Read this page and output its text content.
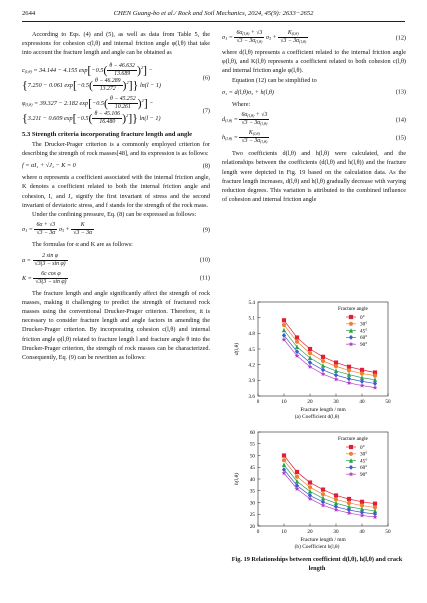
2644	CHEN Guang-bo et al./ Rock and Soil Mechanics, 2024, 45(9): 2633−2652

According to Eqs. (4) and (5), as well as data from Table 5, the expressions for cohesion c(l,θ) and internal friction angle φ(l,θ) that take into account the fracture length and angle can be obtained as

$c_{(l,\theta)} = 34.144 - 4.155$ $\exp[-0.5( \frac{\theta - 46.632}{13.689} )^2]$ −
{7.250 − 0.061 $\exp[-0.5( \frac{\theta - 46.289}{13.272} )^2]$} ln(l − 1)
(6)
$\varphi_{(l,\theta)} = 39.327 - 2.182$ $\exp[-0.5( \frac{\theta - 45.252}{10.261} )^2]$ −
{3.211 − 0.609 $\exp[-0.5( \frac{\theta - 45.106}{16.480} )^2]$} ln(l − 1)
(7)
5.3 Strength criteria incorporating fracture length and angle

The Drucker-Prager criterion is a commonly employed criterion for describing the strength of rock masses[48], and its expression is as follows:

f = αI₁ + √J₂ − K = 0	(8)

where α represents a coefficient associated with the internal friction angle, K denotes a coefficient related to both the internal friction angle and cohesion, I₁ and J₂ signify the first invariant of stress and the second invariant of deviatoric stress, and f stands for the strength of the rock mass.

Under the confining pressure, Eq. (8) can be expressed as follows:

$\sigma_1 = \frac{6\alpha + √3}{√3 - 3\alpha} \sigma_3 + \frac{K}{√3 - 3\alpha}$	(9)

The formulas for α and K are as follows:

$\alpha = \frac{\text{2 sin φ}}{\text{√3(3 − sin φ)}}$	(10)
$K = \frac{\text{6c cos φ}}{\text{√3(3 − sin φ)}}$	(11)

The fracture length and angle significantly affect the strength of rock masses, making it challenging to predict the strength of fractured rock masses using the conventional Drucker-Prager criterion. Therefore, it is necessary to consider fracture length and angle factors in amending the Drucker-Prager criterion. By incorporating cohesion c(l,θ) and internal friction angle φ(l,θ) related to fracture length l and fracture angle θ into the Drucker-Prager criterion, the strength of rock masses can be characterized. Consequently, Eq. (9) can be rewritten as follows:

$\sigma_1 = \frac{6\alpha_{(l,\theta)} + √3}{√3 - 3\alpha_{(l,\theta)}} \sigma_3 + \frac{K_{(l,\theta)}}{√3 - 3\alpha_{(l,\theta)}}$	(12)

where d(l,θ) represents a coefficient related to the internal friction angle φ(l,θ), and K(l,θ) represents a coefficient related to both cohesion c(l,θ) and internal friction angle φ(l,θ).

Equation (12) can be simplified to

σ₁ = d(l,θ)σ₃ + h(l,θ)	(13)

Where:

$d_{(l,\theta)} = \frac{6\alpha_{(l,\theta)} + √3}{√3 - 3\alpha_{(l,\theta)}}$	(14)
$h_{(l,\theta)} = \frac{K_{(l,\theta)}}{√3 - 3\alpha_{(l,\theta)}}$	(15)

Two coefficients d(l,θ) and h(l,θ) were calculated, and the relationships between the coefficients (d(l,θ) and h(l,θ)) and the fracture length were depicted in Fig. 19 based on the calculation data. As the fracture length increases, d(l,θ) and h(l,θ) gradually decrease with varying reduction degrees. This variation is attributed to the combined influence of cohesion and internal friction angle

0	10	20	30	40	50
3.6
3.9
4.2
4.5
4.8
5.1
5.4
Fracture length / mm
d(l,θ)
Fracture angle
0°
30°
45°
60°
90°
(a) Coefficient d(l,θ)
0	10	20	30	40	50
20
25
30
35
40
45
50
55
60
Fracture length / mm
h(l,θ)
Fracture angle
0°
30°
45°
60°
90°
(b) Coefficient h(l,θ)
Fig. 19 Relationships between coefficient d(l,θ), h(l,θ) and crack length
